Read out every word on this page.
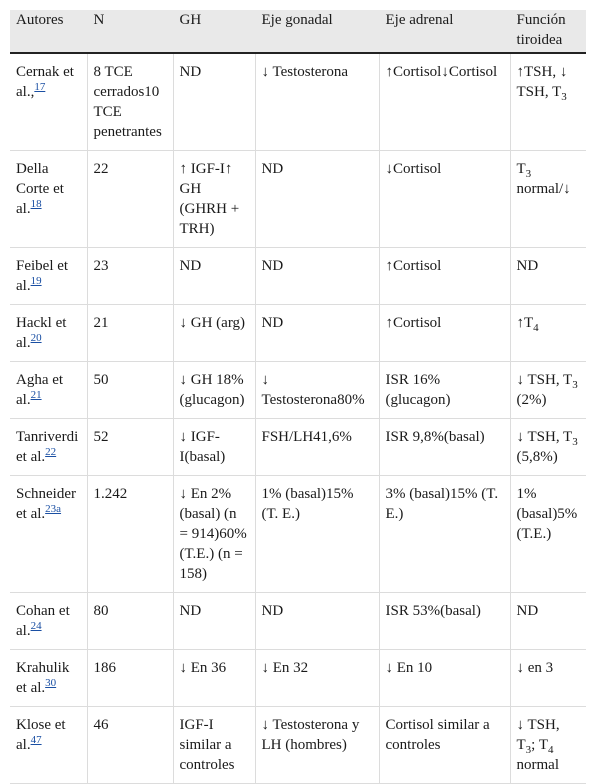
Autores	N	GH	Eje gonadal	Eje adrenal	Función tiroidea
Cernak et al.,$^{17}$	8 TCE cerrados10 TCE penetrantes	ND	↓ Testosterona	↑Cortisol↓Cortisol	↑TSH, ↓ TSH, $T_3$
Della Corte et al.$^{18}$	22	↑ IGF-I↑ GH (GHRH + TRH)	ND	↓Cortisol	$T_3$ normal/↓
Feibel et al.$^{19}$	23	ND	ND	↑Cortisol	ND
Hackl et al.$^{20}$	21	↓ GH (arg)	ND	↑Cortisol	$↑T_4$
Agha et al.$^{21}$	50	↓ GH 18% (glucagon)	↓ Testosterona80%	ISR 16% (glucagon)	↓ TSH, $T_3$ (2%)
Tanriverdi et al.$^{22}$	52	↓ IGF-I(basal)	FSH/LH41,6%	ISR 9,8%(basal)	↓ TSH, $T_3$ (5,8%)
Schneider et al.$^{23a}$	1.242	↓ En 2% (basal) (n = 914)60% (T.E.) (n = 158)	1% (basal)15% (T. E.)	3% (basal)15% (T. E.)	1% (basal)5% (T.E.)
Cohan et al.$^{24}$	80	ND	ND	ISR 53%(basal)	ND
Krahulik et al.$^{30}$	186	↓ En 36	↓ En 32	↓ En 10	↓ en 3
Klose et al.$^{47}$	46	IGF-I similar a controles	↓ Testosterona y LH (hombres)	Cortisol similar a controles	↓ TSH, $T_3$; $T_4$ normal
